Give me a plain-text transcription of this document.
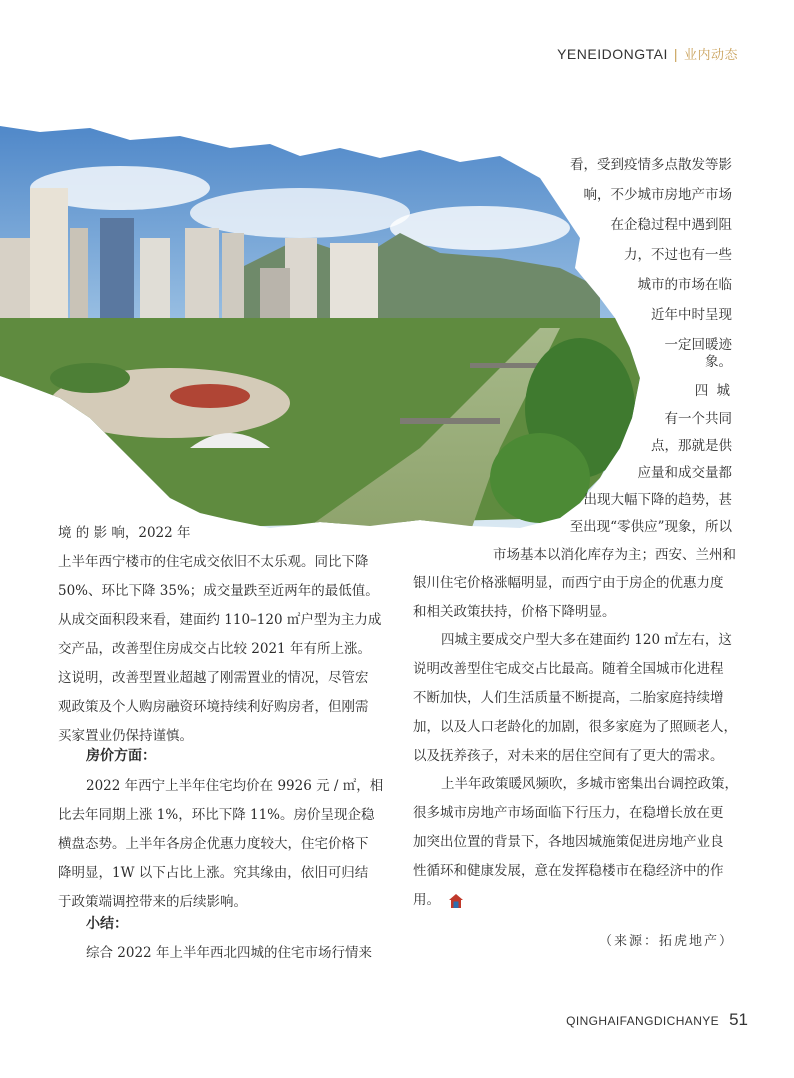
YENEIDONGTAI | 业内动态
看，受到疫情多点散发等影
响，不少城市房地产市场
在企稳过程中遇到阻
力，不过也有一些
城市的市场在临
近年中时呈现
一定回暖迹
象。
四 城
有一个共同
点，那就是供
应量和成交量都
出现大幅下降的趋势，甚
至出现“零供应”现象，所以
市场基本以消化库存为主；西安、兰州和
境 的 影 响，2022 年
上半年西宁楼市的住宅成交依旧不太乐观。同比下降
50%、环比下降 35%；成交量跌至近两年的最低值。
从成交面积段来看，建面约 110–120 ㎡户型为主力成
交产品，改善型住房成交占比较 2021 年有所上涨。
这说明，改善型置业超越了刚需置业的情况，尽管宏
观政策及个人购房融资环境持续利好购房者，但刚需
买家置业仍保持谨慎。
房价方面：
2022 年西宁上半年住宅均价在 9926 元 / ㎡，相
比去年同期上涨 1%，环比下降 11%。房价呈现企稳
横盘态势。上半年各房企优惠力度较大，住宅价格下
降明显，1W 以下占比上涨。究其缘由，依旧可归结
于政策端调控带来的后续影响。
小结：
综合 2022 年上半年西北四城的住宅市场行情来
银川住宅价格涨幅明显，而西宁由于房企的优惠力度
和相关政策扶持，价格下降明显。
四城主要成交户型大多在建面约 120 ㎡左右，这
说明改善型住宅成交占比最高。随着全国城市化进程
不断加快，人们生活质量不断提高，二胎家庭持续增
加，以及人口老龄化的加剧，很多家庭为了照顾老人，
以及抚养孩子，对未来的居住空间有了更大的需求。
上半年政策暖风频吹，多城市密集出台调控政策，
很多城市房地产市场面临下行压力，在稳增长放在更
加突出位置的背景下，各地因城施策促进房地产业良
性循环和健康发展，意在发挥稳楼市在稳经济中的作
用。
（来源：拓虎地产）
QINGHAIFANGDICHANYE 51
